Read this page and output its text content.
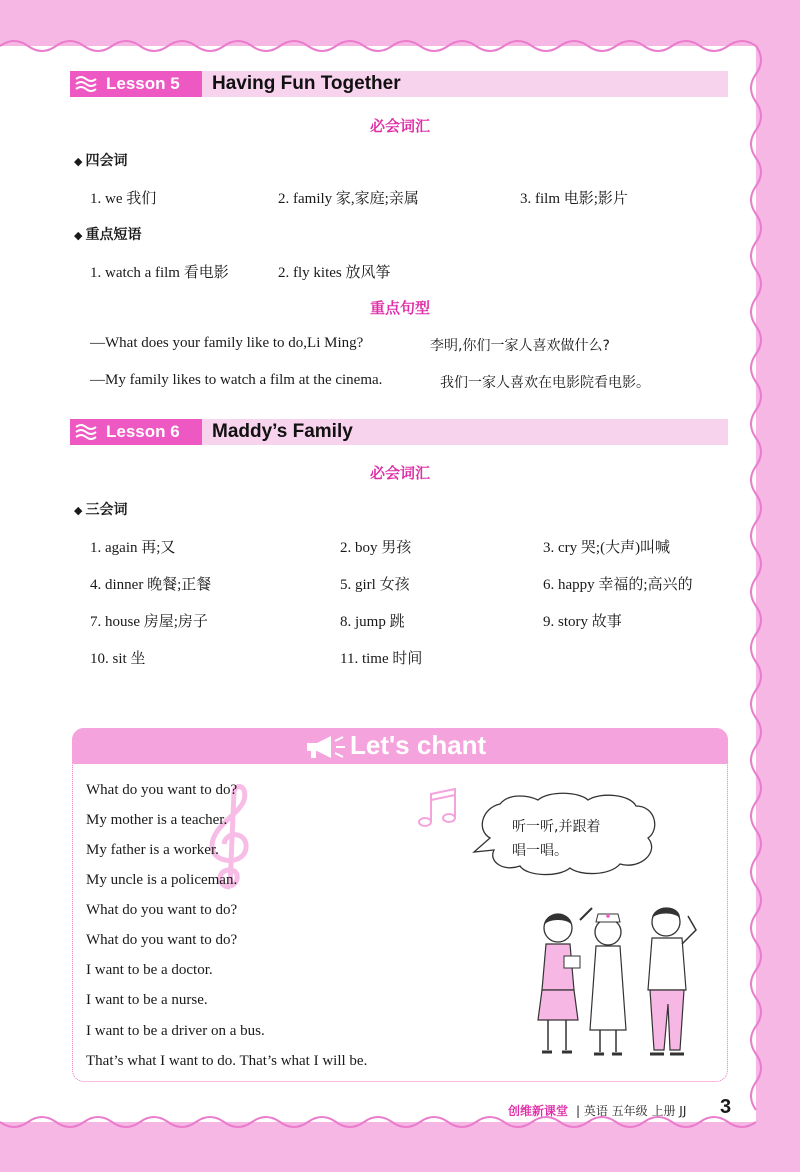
Lesson 5 Having Fun Together
必会词汇
◆ 四会词
1. we 我们	2. family 家,家庭;亲属	3. film 电影;影片
◆ 重点短语
1. watch a film 看电影	2. fly kites 放风筝
重点句型
—What does your family like to do,Li Ming?	李明,你们一家人喜欢做什么?
—My family likes to watch a film at the cinema.	我们一家人喜欢在电影院看电影。
Lesson 6 Maddy’s Family
必会词汇
◆ 三会词
1. again 再;又	2. boy 男孩	3. cry 哭;(大声)叫喊
4. dinner 晚餐;正餐	5. girl 女孩	6. happy 幸福的;高兴的
7. house 房屋;房子	8. jump 跳	9. story 故事
10. sit 坐	11. time 时间
Let's chant
What do you want to do?
My mother is a teacher.
My father is a worker.
My uncle is a policeman.
What do you want to do?
What do you want to do?
I want to be a doctor.
I want to be a nurse.
I want to be a driver on a bus.
That’s what I want to do. That’s what I will be.
听一听,并跟着
唱一唱。
创维新课堂 | 英语 五年级 上册 JJ 3
